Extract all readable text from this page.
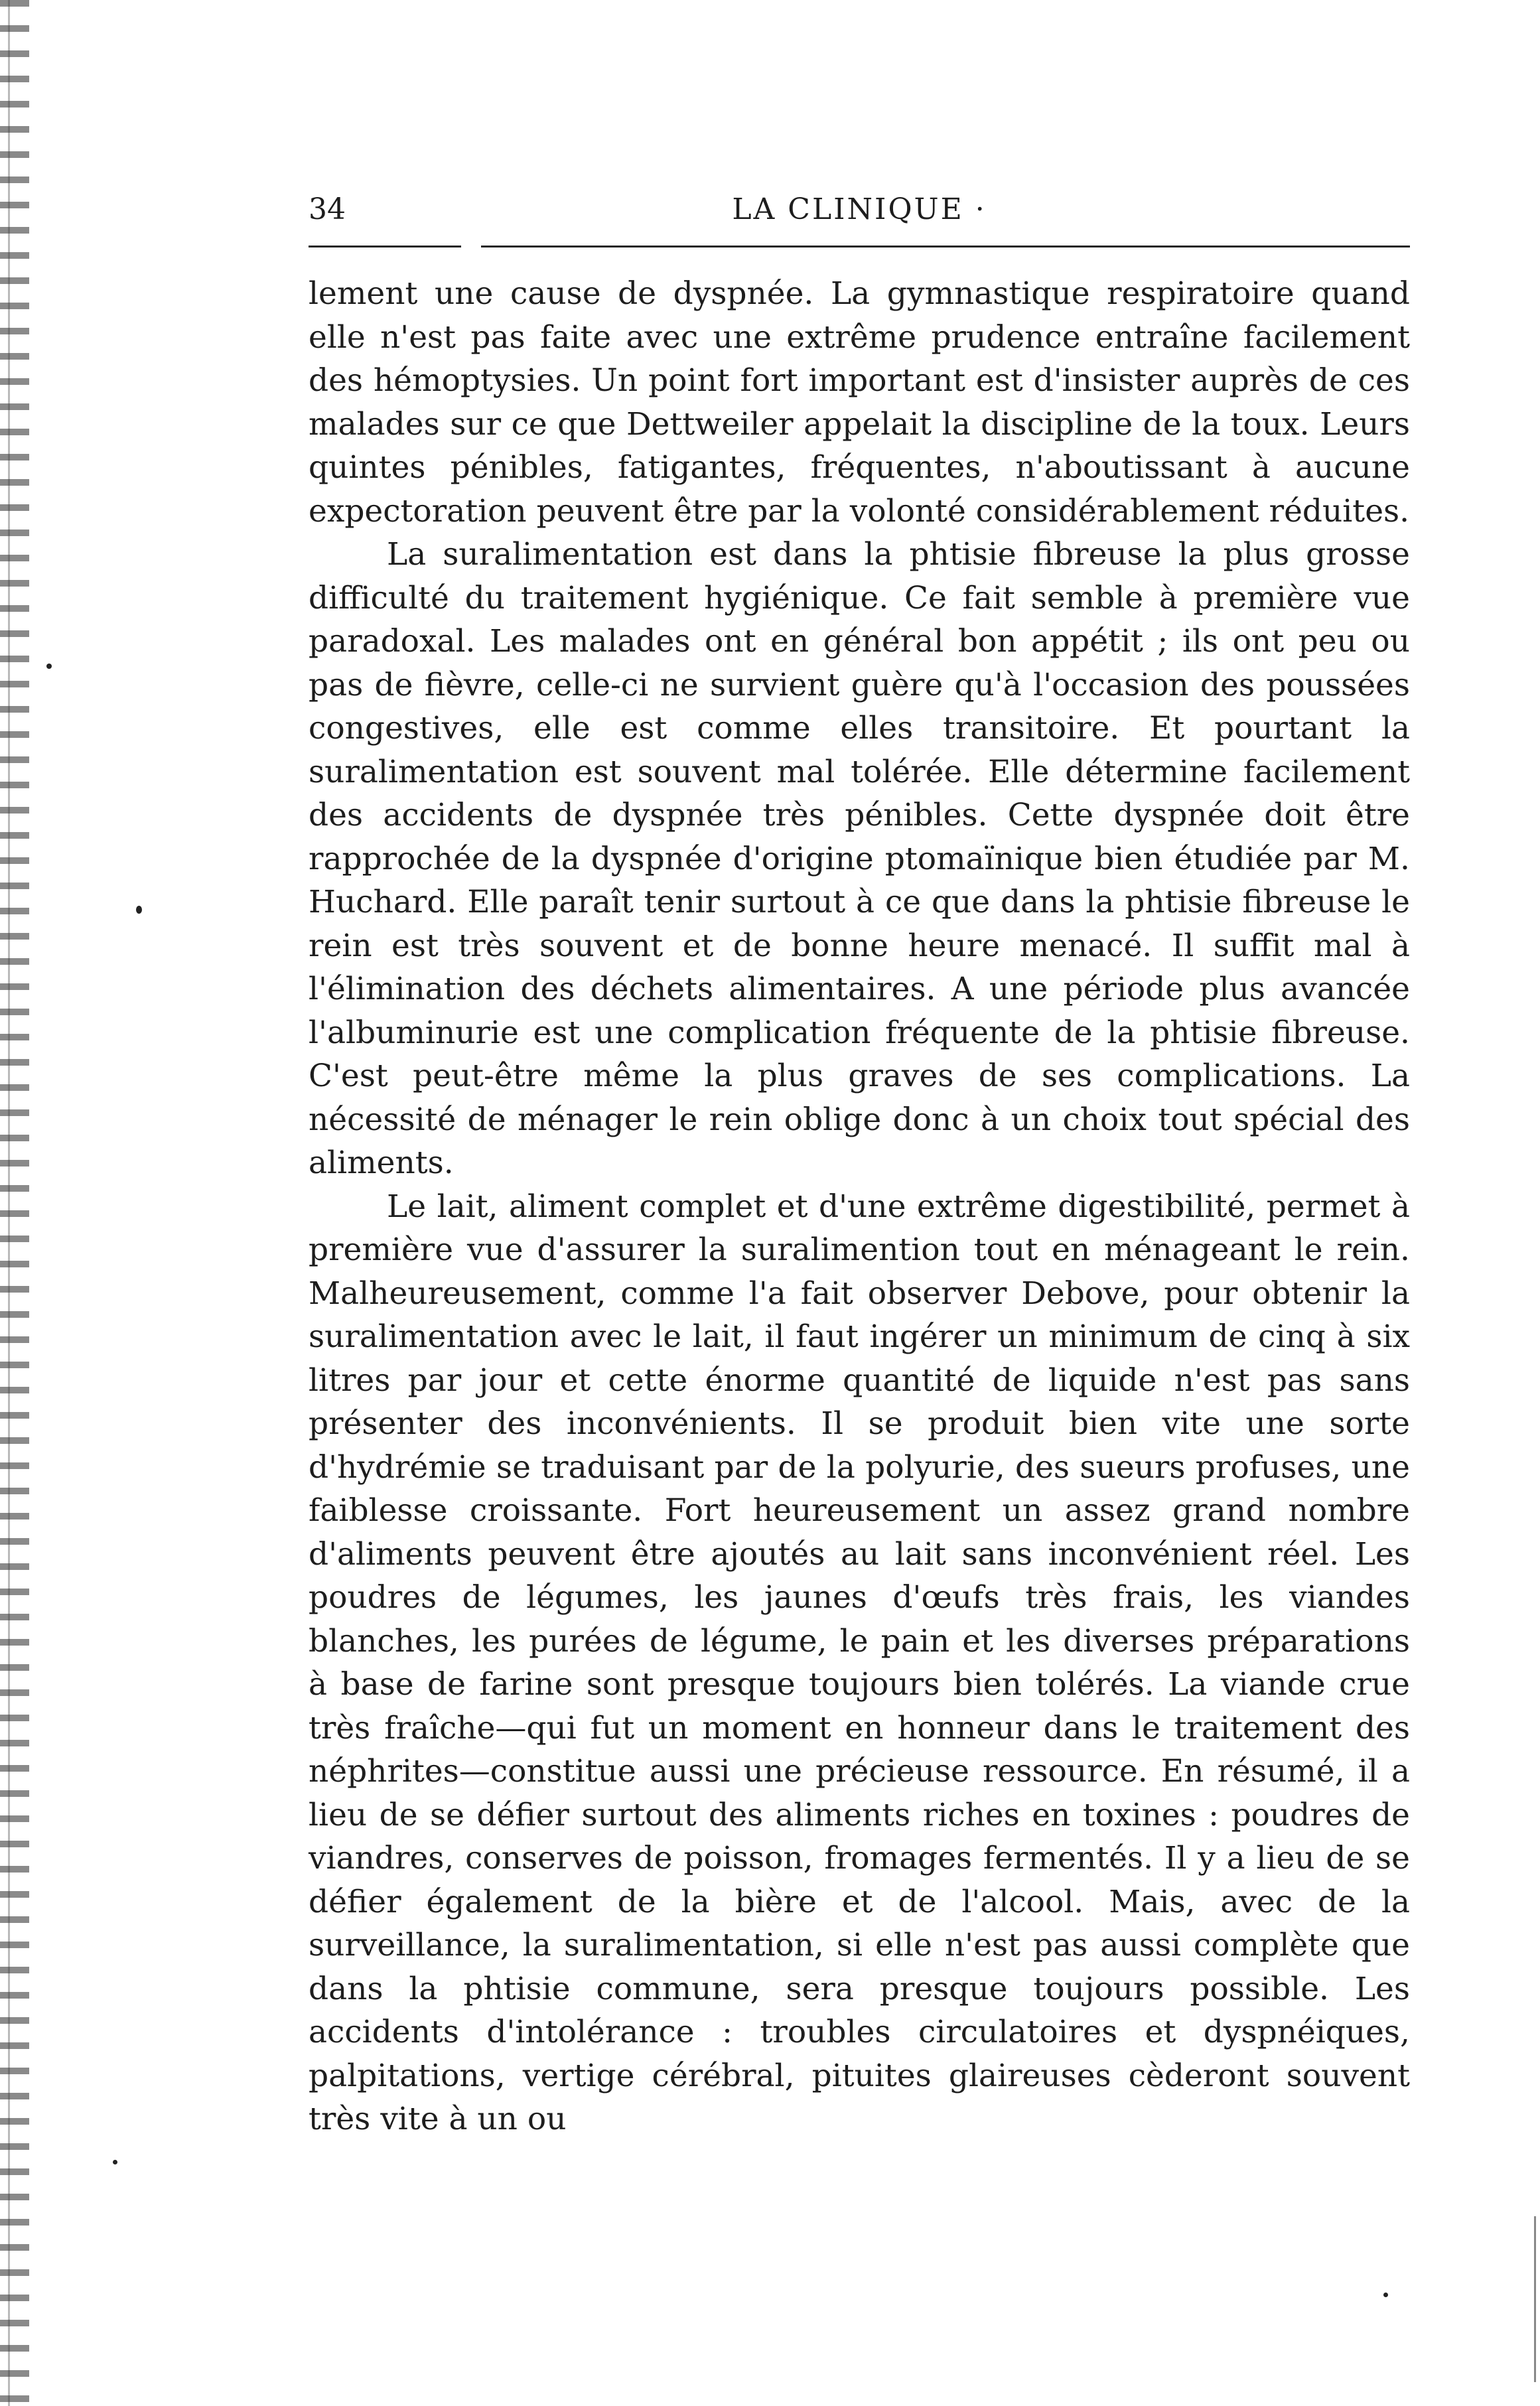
34	LA CLINIQUE ·

lement une cause de dyspnée. La gymnastique respiratoire quand elle n'est pas faite avec une extrême prudence entraîne facilement des hémoptysies. Un point fort important est d'insister auprès de ces malades sur ce que Dettweiler appelait la discipline de la toux. Leurs quintes pénibles, fatigantes, fréquentes, n'aboutissant à aucune expectoration peuvent être par la volonté considérablement réduites.

La suralimentation est dans la phtisie fibreuse la plus grosse difficulté du traitement hygiénique. Ce fait semble à première vue paradoxal. Les malades ont en général bon appétit ; ils ont peu ou pas de fièvre, celle-ci ne survient guère qu'à l'occasion des poussées congestives, elle est comme elles transitoire. Et pourtant la suralimentation est souvent mal tolérée. Elle détermine facilement des accidents de dyspnée très pénibles. Cette dyspnée doit être rapprochée de la dyspnée d'origine ptomaïnique bien étudiée par M. Huchard. Elle paraît tenir surtout à ce que dans la phtisie fibreuse le rein est très souvent et de bonne heure menacé. Il suffit mal à l'élimination des déchets alimentaires. A une période plus avancée l'albuminurie est une complication fréquente de la phtisie fibreuse. C'est peut-être même la plus graves de ses complications. La nécessité de ménager le rein oblige donc à un choix tout spécial des aliments.

Le lait, aliment complet et d'une extrême digestibilité, permet à première vue d'assurer la suralimention tout en ménageant le rein. Malheureusement, comme l'a fait observer Debove, pour obtenir la suralimentation avec le lait, il faut ingérer un minimum de cinq à six litres par jour et cette énorme quantité de liquide n'est pas sans présenter des inconvénients. Il se produit bien vite une sorte d'hydrémie se traduisant par de la polyurie, des sueurs profuses, une faiblesse croissante. Fort heureusement un assez grand nombre d'aliments peuvent être ajoutés au lait sans inconvénient réel. Les poudres de légumes, les jaunes d'œufs très frais, les viandes blanches, les purées de légume, le pain et les diverses préparations à base de farine sont presque toujours bien tolérés. La viande crue très fraîche—qui fut un moment en honneur dans le traitement des néphrites—constitue aussi une précieuse ressource. En résumé, il a lieu de se défier surtout des aliments riches en toxines : poudres de viandres, conserves de poisson, fromages fermentés. Il y a lieu de se défier également de la bière et de l'alcool. Mais, avec de la surveillance, la suralimentation, si elle n'est pas aussi complète que dans la phtisie commune, sera presque toujours possible. Les accidents d'intolérance : troubles circulatoires et dyspnéiques, palpitations, vertige cérébral, pituites glaireuses cèderont souvent très vite à un ou
